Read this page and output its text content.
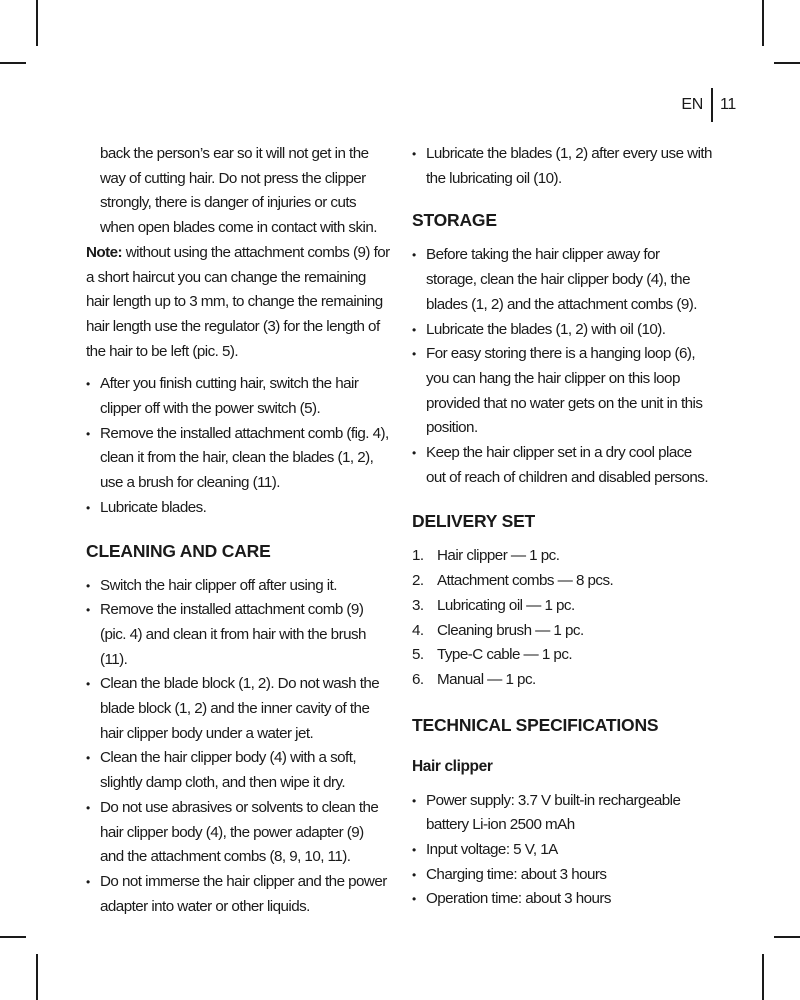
EN 11

back the person’s ear so it will not get in the way of cutting hair. Do not press the clipper strongly, there is danger of injuries or cuts when open blades come in contact with skin.

Note: without using the attachment combs (9) for a short haircut you can change the remaining hair length up to 3 mm, to change the remaining hair length use the regulator (3) for the length of the hair to be left (pic. 5).

• After you finish cutting hair, switch the hair clipper off with the power switch (5).
• Remove the installed attachment comb (fig. 4), clean it from the hair, clean the blades (1, 2), use a brush for cleaning (11).
• Lubricate blades.
CLEANING AND CARE
• Switch the hair clipper off after using it.
• Remove the installed attachment comb (9) (pic. 4) and clean it from hair with the brush (11).
• Clean the blade block (1, 2). Do not wash the blade block (1, 2) and the inner cavity of the hair clipper body under a water jet.
• Clean the hair clipper body (4) with a soft, slightly damp cloth, and then wipe it dry.
• Do not use abrasives or solvents to clean the hair clipper body (4), the power adapter (9) and the attachment combs (8, 9, 10, 11).
• Do not immerse the hair clipper and the power adapter into water or other liquids.
• Lubricate the blades (1, 2) after every use with the lubricating oil (10).
STORAGE
• Before taking the hair clipper away for storage, clean the hair clipper body (4), the blades (1, 2) and the attachment combs (9).
• Lubricate the blades (1, 2) with oil (10).
• For easy storing there is a hanging loop (6), you can hang the hair clipper on this loop provided that no water gets on the unit in this position.
• Keep the hair clipper set in a dry cool place out of reach of children and disabled persons.
DELIVERY SET
1. Hair clipper — 1 pc.
2. Attachment combs — 8 pcs.
3. Lubricating oil — 1 pc.
4. Cleaning brush — 1 pc.
5. Type-C cable — 1 pc.
6. Manual — 1 pc.
TECHNICAL SPECIFICATIONS
Hair clipper
• Power supply: 3.7 V built-in rechargeable battery Li-ion 2500 mAh
• Input voltage: 5 V, 1A
• Charging time: about 3 hours
• Operation time: about 3 hours
